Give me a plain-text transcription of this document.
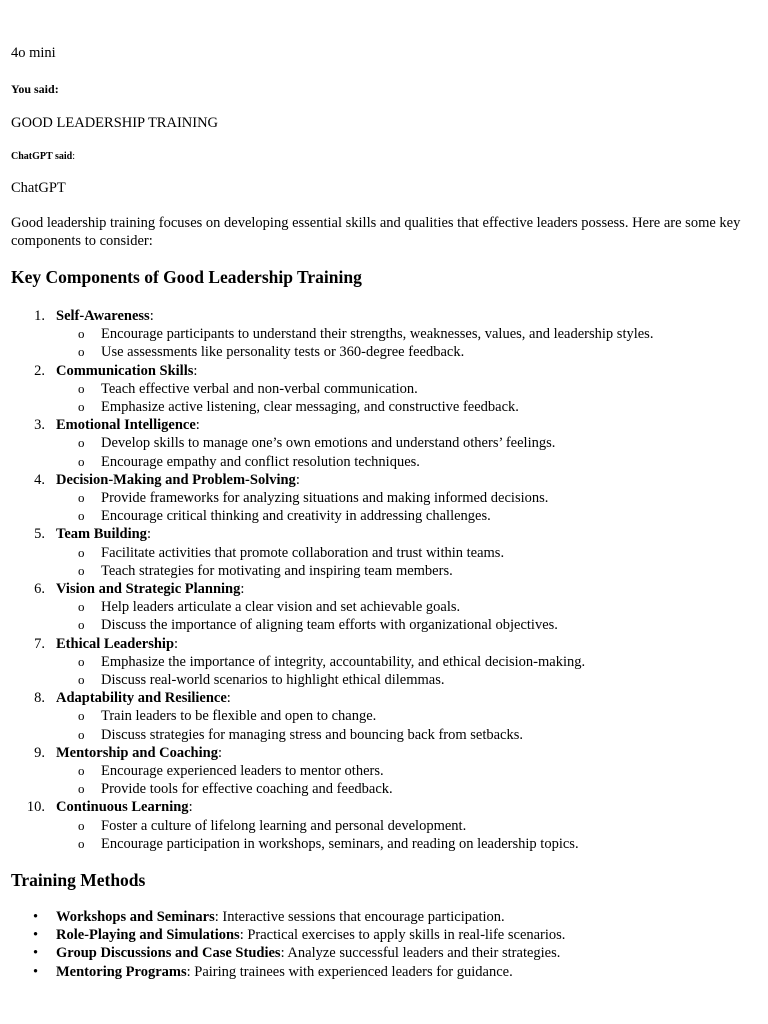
4o mini
You said:
GOOD LEADERSHIP TRAINING
ChatGPT said:
ChatGPT
Good leadership training focuses on developing essential skills and qualities that effective leaders possess. Here are some key components to consider:
Key Components of Good Leadership Training
1. Self-Awareness:
o Encourage participants to understand their strengths, weaknesses, values, and leadership styles.
o Use assessments like personality tests or 360-degree feedback.
2. Communication Skills:
o Teach effective verbal and non-verbal communication.
o Emphasize active listening, clear messaging, and constructive feedback.
3. Emotional Intelligence:
o Develop skills to manage one’s own emotions and understand others’ feelings.
o Encourage empathy and conflict resolution techniques.
4. Decision-Making and Problem-Solving:
o Provide frameworks for analyzing situations and making informed decisions.
o Encourage critical thinking and creativity in addressing challenges.
5. Team Building:
o Facilitate activities that promote collaboration and trust within teams.
o Teach strategies for motivating and inspiring team members.
6. Vision and Strategic Planning:
o Help leaders articulate a clear vision and set achievable goals.
o Discuss the importance of aligning team efforts with organizational objectives.
7. Ethical Leadership:
o Emphasize the importance of integrity, accountability, and ethical decision-making.
o Discuss real-world scenarios to highlight ethical dilemmas.
8. Adaptability and Resilience:
o Train leaders to be flexible and open to change.
o Discuss strategies for managing stress and bouncing back from setbacks.
9. Mentorship and Coaching:
o Encourage experienced leaders to mentor others.
o Provide tools for effective coaching and feedback.
10. Continuous Learning:
o Foster a culture of lifelong learning and personal development.
o Encourage participation in workshops, seminars, and reading on leadership topics.
Training Methods
• Workshops and Seminars: Interactive sessions that encourage participation.
• Role-Playing and Simulations: Practical exercises to apply skills in real-life scenarios.
• Group Discussions and Case Studies: Analyze successful leaders and their strategies.
• Mentoring Programs: Pairing trainees with experienced leaders for guidance.
